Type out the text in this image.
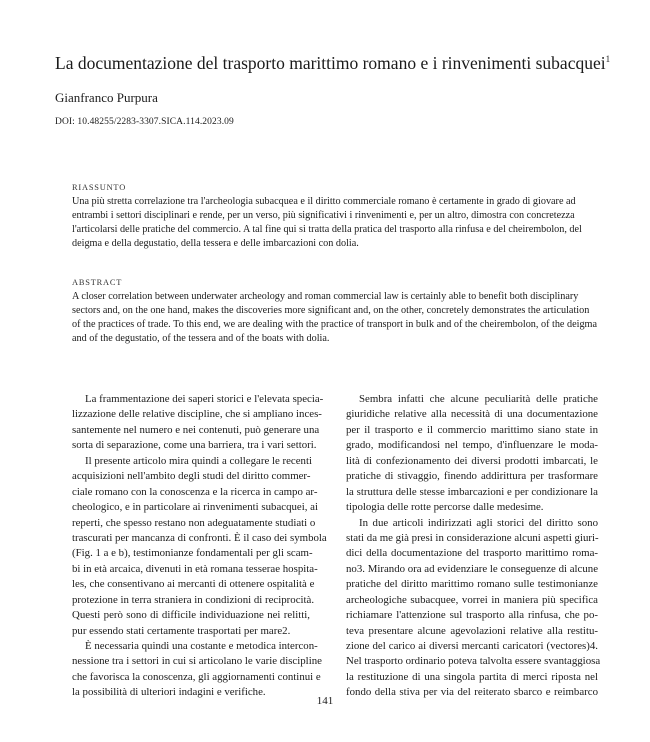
La documentazione del trasporto marittimo romano e i rinvenimenti subacquei$^1$
Gianfranco Purpura
DOI: 10.48255/2283-3307.SICA.114.2023.09
RIASSUNTO
Una più stretta correlazione tra l'archeologia subacquea e il diritto commerciale romano è certamente in grado di giovare ad
entrambi i settori disciplinari e rende, per un verso, più significativi i rinvenimenti e, per un altro, dimostra con concretezza
l'articolarsi delle pratiche del commercio. A tal fine qui si tratta della pratica del trasporto alla rinfusa e del cheirembolon, del
deigma e della degustatio, della tessera e delle imbarcazioni con dolia.
ABSTRACT
A closer correlation between underwater archeology and roman commercial law is certainly able to benefit both disciplinary
sectors and, on the one hand, makes the discoveries more significant and, on the other, concretely demonstrates the articulation
of the practices of trade. To this end, we are dealing with the practice of transport in bulk and of the cheirembolon, of the deigma
and of the degustatio, of the tessera and of the boats with dolia.
La frammentazione dei saperi storici e l'elevata specia-
lizzazione delle relative discipline, che si ampliano inces-
santemente nel numero e nei contenuti, può generare una
sorta di separazione, come una barriera, tra i vari settori.
Il presente articolo mira quindi a collegare le recenti
acquisizioni nell'ambito degli studi del diritto commer-
ciale romano con la conoscenza e la ricerca in campo ar-
cheologico, e in particolare ai rinvenimenti subacquei, ai
reperti, che spesso restano non adeguatamente studiati o
trascurati per mancanza di confronti. È il caso dei symbola
(Fig. 1 a e b), testimonianze fondamentali per gli scam-
bi in età arcaica, divenuti in età romana tesserae hospita-
les, che consentivano ai mercanti di ottenere ospitalità e
protezione in terra straniera in condizioni di reciprocità.
Questi però sono di difficile individuazione nei relitti,
pur essendo stati certamente trasportati per mare2.
È necessaria quindi una costante e metodica intercon-
nessione tra i settori in cui si articolano le varie discipline
che favorisca la conoscenza, gli aggiornamenti continui e
la possibilità di ulteriori indagini e verifiche.
Sembra infatti che alcune peculiarità delle pratiche
giuridiche relative alla necessità di una documentazione
per il trasporto e il commercio marittimo siano state in
grado, modificandosi nel tempo, d'influenzare le moda-
lità di confezionamento dei diversi prodotti imbarcati, le
pratiche di stivaggio, finendo addirittura per trasformare
la struttura delle stesse imbarcazioni e per condizionare la
tipologia delle rotte percorse dalle medesime.
In due articoli indirizzati agli storici del diritto sono
stati da me già presi in considerazione alcuni aspetti giuri-
dici della documentazione del trasporto marittimo roma-
no3. Mirando ora ad evidenziare le conseguenze di alcune
pratiche del diritto marittimo romano sulle testimonianze
archeologiche subacquee, vorrei in maniera più specifica
richiamare l'attenzione sul trasporto alla rinfusa, che po-
teva presentare alcune agevolazioni relative alla restitu-
zione del carico ai diversi mercanti caricatori (vectores)4.
Nel trasporto ordinario poteva talvolta essere svantaggiosa
la restituzione di una singola partita di merci riposta nel
fondo della stiva per via del reiterato sbarco e reimbarco
141
